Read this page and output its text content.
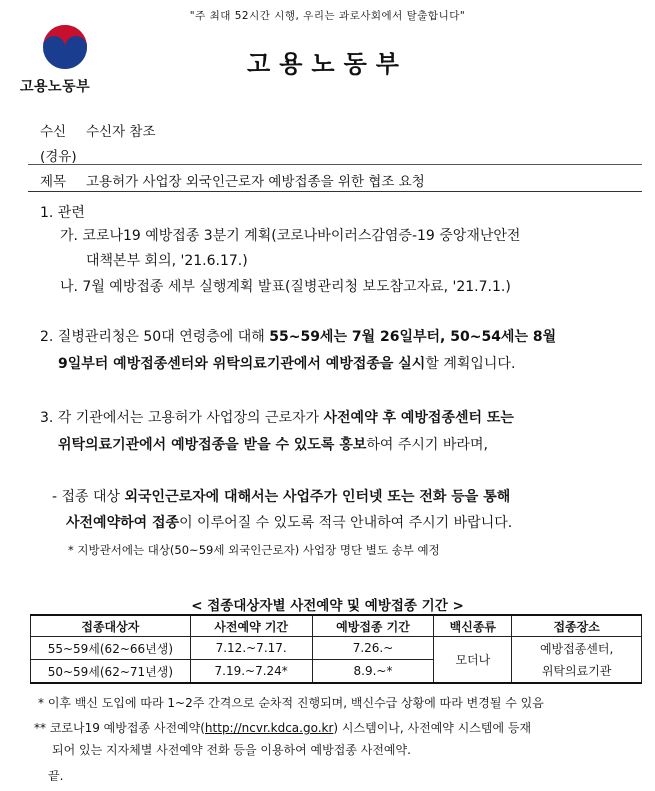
"주 최대 52시간 시행, 우리는 과로사회에서 탈출합니다"
고용노동부
고용노동부
수신 수신자 참조
(경유)
제목 고용허가 사업장 외국인근로자 예방접종을 위한 협조 요청
1. 관련
가. 코로나19 예방접종 3분기 계획(코로나바이러스감염증-19 중앙재난안전
대책본부 회의, '21.6.17.)
나. 7월 예방접종 세부 실행계획 발표(질병관리청 보도참고자료, '21.7.1.)
2. 질병관리청은 50대 연령층에 대해 55~59세는 7월 26일부터, 50~54세는 8월
9일부터 예방접종센터와 위탁의료기관에서 예방접종을 실시할 계획입니다.
3. 각 기관에서는 고용허가 사업장의 근로자가 사전예약 후 예방접종센터 또는
위탁의료기관에서 예방접종을 받을 수 있도록 홍보하여 주시기 바라며,
- 접종 대상 외국인근로자에 대해서는 사업주가 인터넷 또는 전화 등을 통해
사전예약하여 접종이 이루어질 수 있도록 적극 안내하여 주시기 바랍니다.
* 지방관서에는 대상(50~59세 외국인근로자) 사업장 명단 별도 송부 예정
< 접종대상자별 사전예약 및 예방접종 기간 >
접종대상자	사전예약 기간	예방접종 기간	백신종류	접종장소
55~59세(62~66년생)	7.12.~7.17.	7.26.~	모더나	예방접종센터,
위탁의료기관
50~59세(62~71년생)	7.19.~7.24*	8.9.~*		
* 이후 백신 도입에 따라 1~2주 간격으로 순차적 진행되며, 백신수급 상황에 따라 변경될 수 있음
** 코로나19 예방접종 사전예약(http://ncvr.kdca.go.kr) 시스템이나, 사전예약 시스템에 등재
되어 있는 지자체별 사전예약 전화 등을 이용하여 예방접종 사전예약.
끝.
